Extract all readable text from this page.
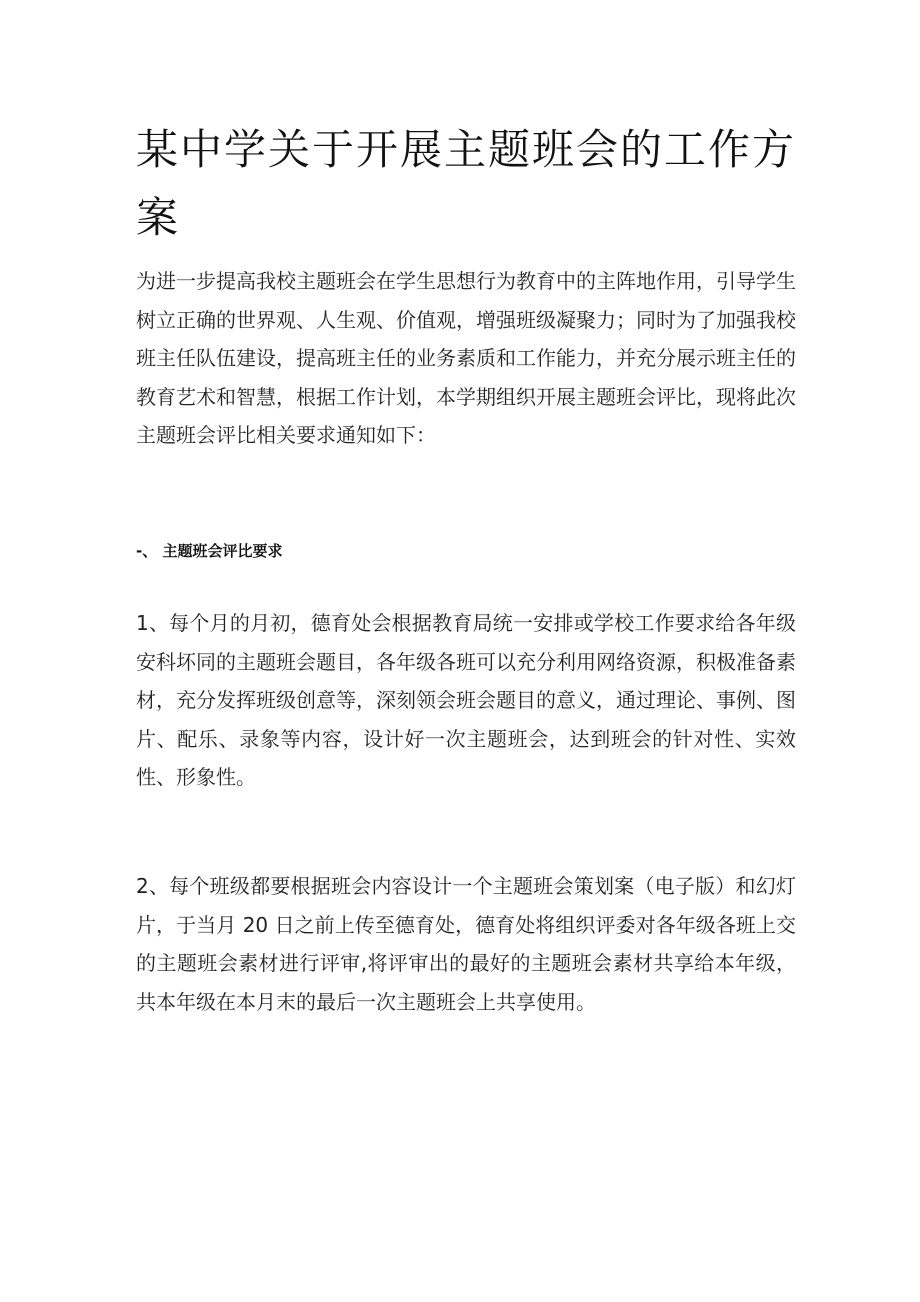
某中学关于开展主题班会的工作方案

为进一步提高我校主题班会在学生思想行为教育中的主阵地作用，引导学生树立正确的世界观、人生观、价值观，增强班级凝聚力；同时为了加强我校班主任队伍建设，提高班主任的业务素质和工作能力，并充分展示班主任的教育艺术和智慧，根据工作计划，本学期组织开展主题班会评比，现将此次主题班会评比相关要求通知如下：

-、 主题班会评比要求

1、每个月的月初，德育处会根据教育局统一安排或学校工作要求给各年级安科坏同的主题班会题目，各年级各班可以充分利用网络资源，积极准备素材，充分发挥班级创意等，深刻领会班会题目的意义，通过理论、事例、图片、配乐、录象等内容，设计好一次主题班会，达到班会的针对性、实效性、形象性。

2、每个班级都要根据班会内容设计一个主题班会策划案（电子版）和幻灯片，于当月 20 日之前上传至德育处，德育处将组织评委对各年级各班上交的主题班会素材进行评审,将评审出的最好的主题班会素材共享给本年级，共本年级在本月末的最后一次主题班会上共享使用。
